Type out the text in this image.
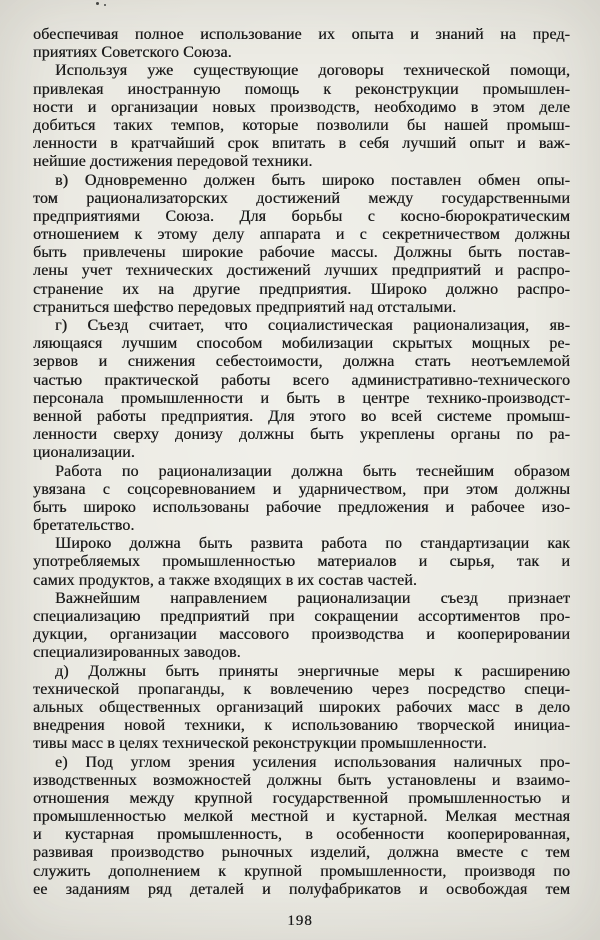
обеспечивая полное использование их опыта и знаний на пред-
приятиях Советского Союза.
Используя уже существующие договоры технической помощи,
привлекая иностранную помощь к реконструкции промышлен-
ности и организации новых производств, необходимо в этом деле
добиться таких темпов, которые позволили бы нашей промыш-
ленности в кратчайший срок впитать в себя лучший опыт и важ-
нейшие достижения передовой техники.
в) Одновременно должен быть широко поставлен обмен опы-
том рационализаторских достижений между государственными
предприятиями Союза. Для борьбы с косно-бюрократическим
отношением к этому делу аппарата и с секретничеством должны
быть привлечены широкие рабочие массы. Должны быть постав-
лены учет технических достижений лучших предприятий и распро-
странение их на другие предприятия. Широко должно распро-
страниться шефство передовых предприятий над отсталыми.
г) Съезд считает, что социалистическая рационализация, яв-
ляющаяся лучшим способом мобилизации скрытых мощных ре-
зервов и снижения себестоимости, должна стать неотъемлемой
частью практической работы всего административно-технического
персонала промышленности и быть в центре технико-производст-
венной работы предприятия. Для этого во всей системе промыш-
ленности сверху донизу должны быть укреплены органы по ра-
ционализации.
Работа по рационализации должна быть теснейшим образом
увязана с соцсоревнованием и ударничеством, при этом должны
быть широко использованы рабочие предложения и рабочее изо-
бретательство.
Широко должна быть развита работа по стандартизации как
употребляемых промышленностью материалов и сырья, так и
самих продуктов, а также входящих в их состав частей.
Важнейшим направлением рационализации съезд признает
специализацию предприятий при сокращении ассортиментов про-
дукции, организации массового производства и кооперировании
специализированных заводов.
д) Должны быть приняты энергичные меры к расширению
технической пропаганды, к вовлечению через посредство специ-
альных общественных организаций широких рабочих масс в дело
внедрения новой техники, к использованию творческой инициа-
тивы масс в целях технической реконструкции промышленности.
е) Под углом зрения усиления использования наличных про-
изводственных возможностей должны быть установлены и взаимо-
отношения между крупной государственной промышленностью и
промышленностью мелкой местной и кустарной. Мелкая местная
и кустарная промышленность, в особенности кооперированная,
развивая производство рыночных изделий, должна вместе с тем
служить дополнением к крупной промышленности, производя по
ее заданиям ряд деталей и полуфабрикатов и освобождая тем
198
